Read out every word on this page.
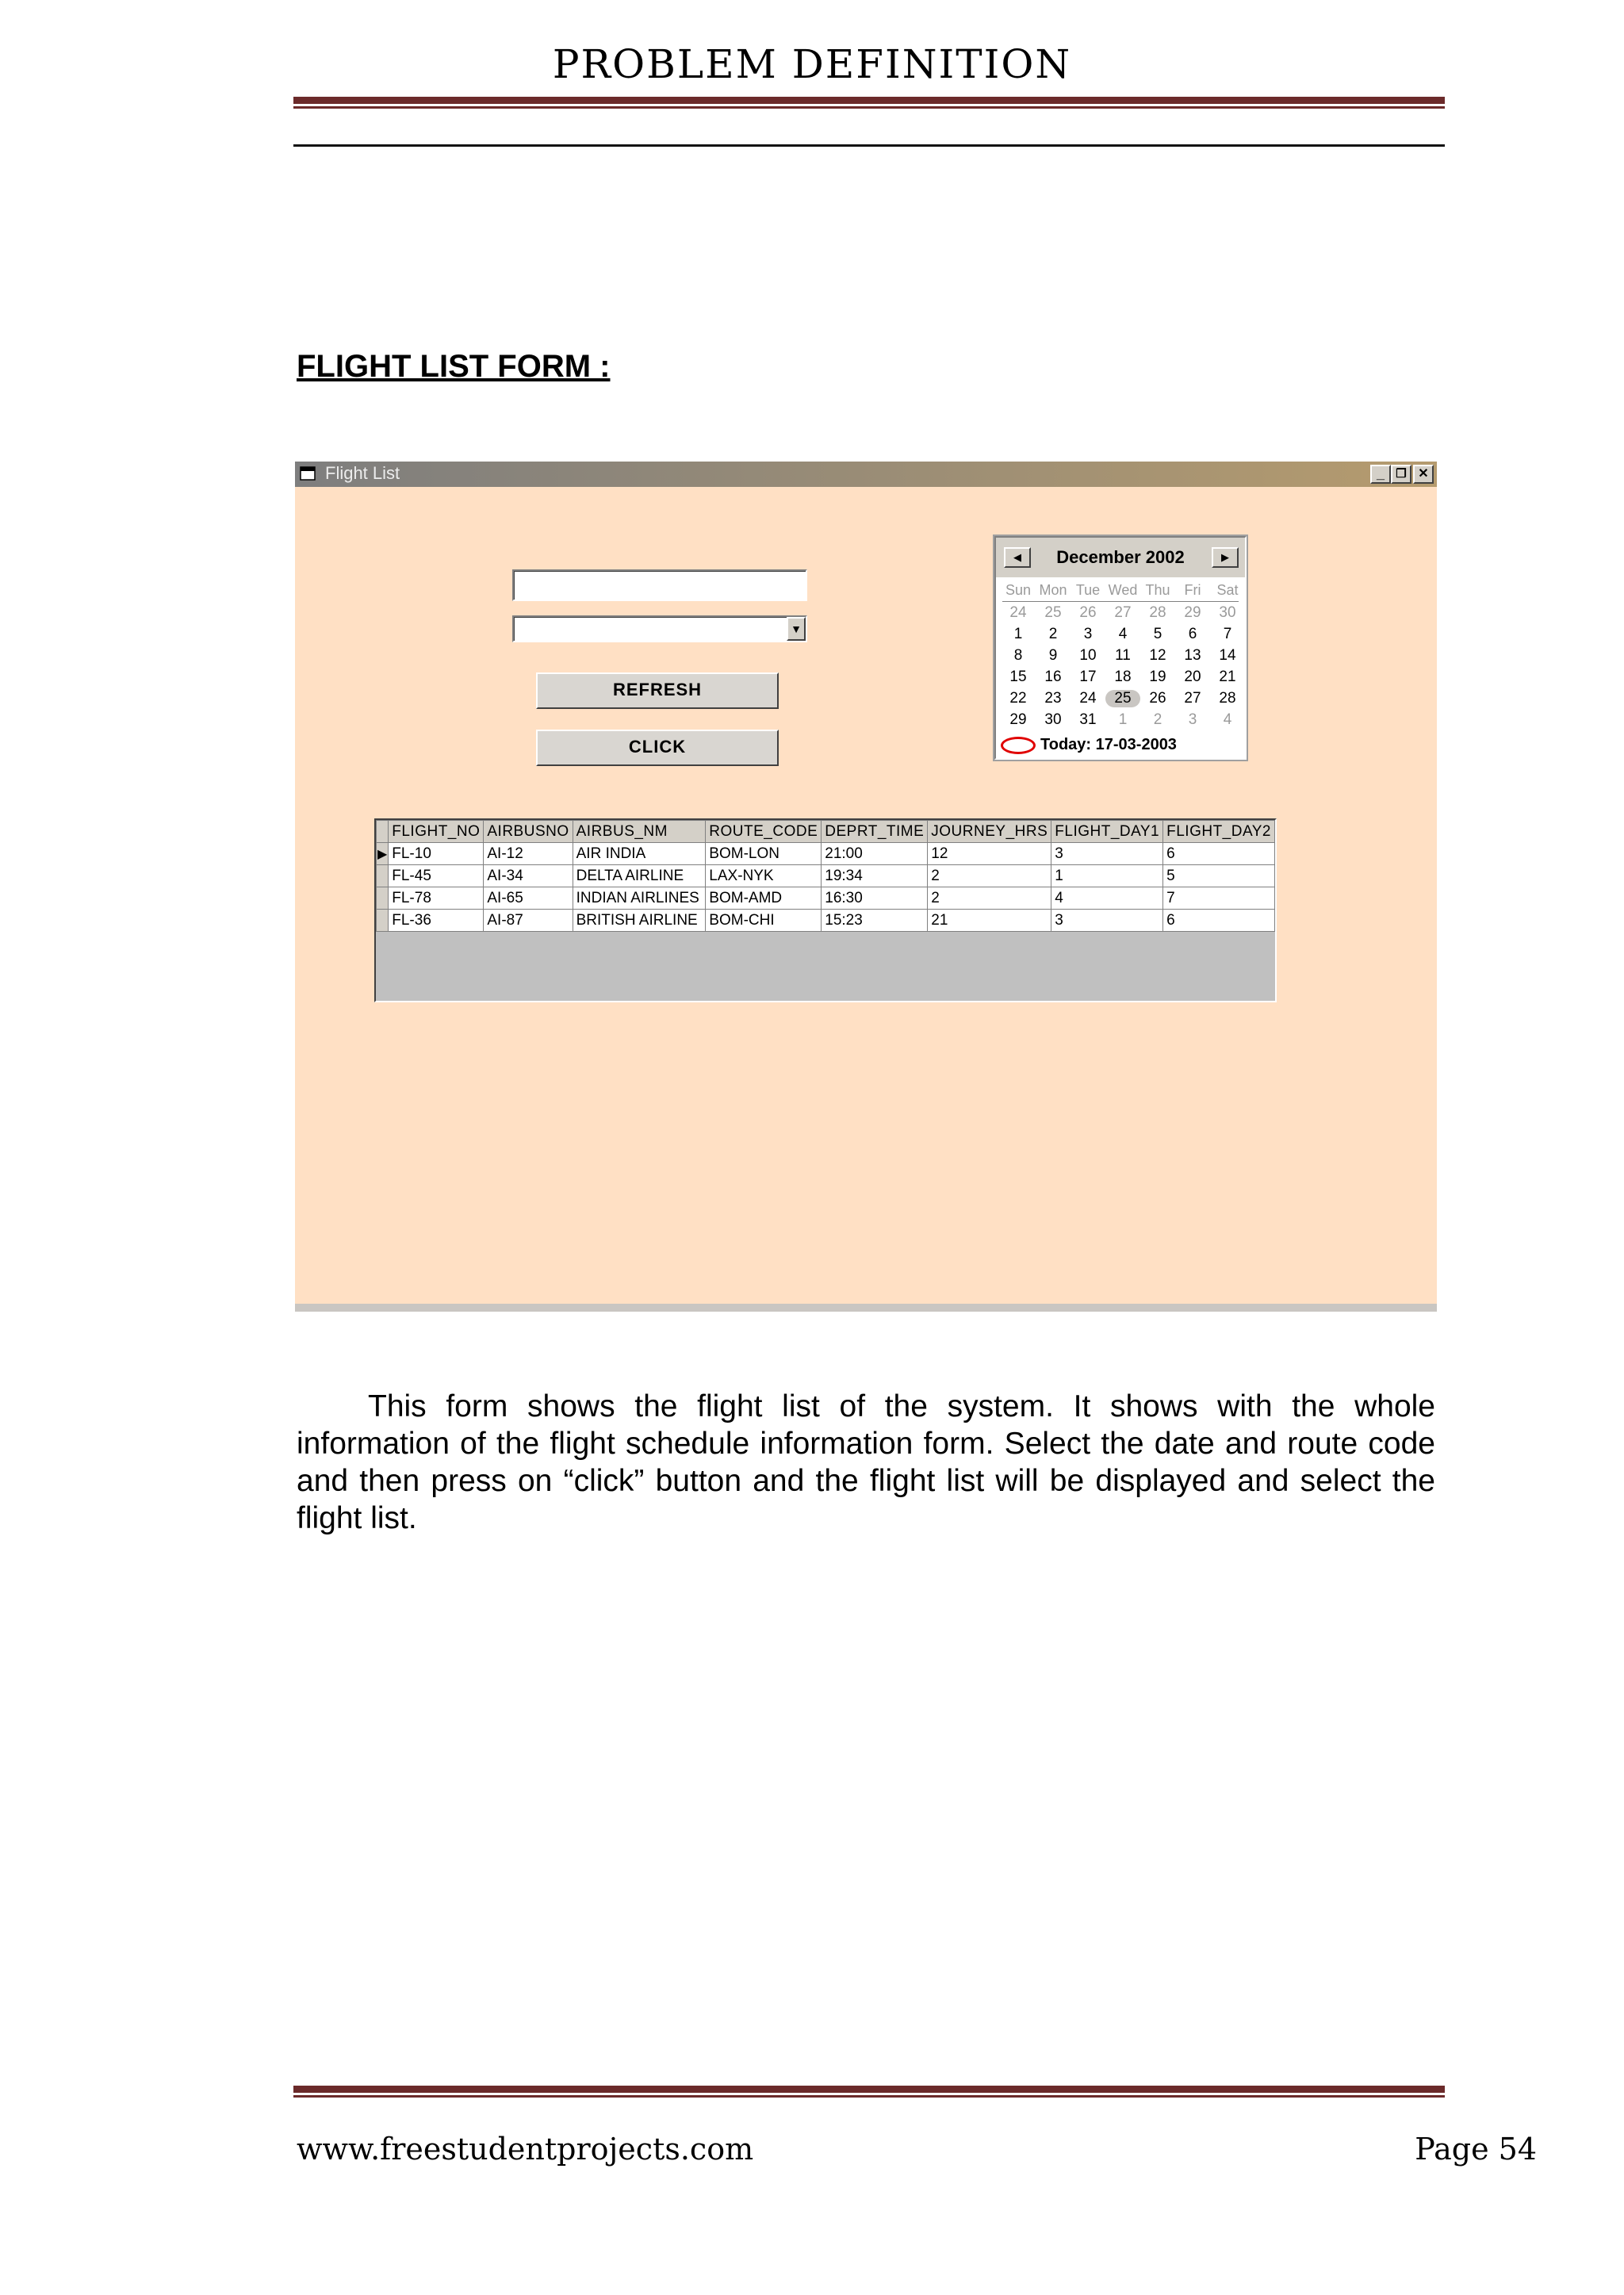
PROBLEM DEFINITION
FLIGHT LIST FORM :
Flight List	_ ❐ ✕
▼
REFRESH
CLICK
◀	December 2002	▶
Sun Mon Tue Wed Thu Fri	Sat
24	25	26	27	28	29	30
1	2	3	4	5	6	7
8	9	10	11	12	13	14
15	16	17	18	19	20	21
22	23	24	25	26	27	28
29	30	31	1	2	3	4
Today: 17-03-2003
	FLIGHT_NO	AIRBUSNO	AIRBUS_NM	ROUTE_CODE	DEPRT_TIME	JOURNEY_HRS	FLIGHT_DAY1	FLIGHT_DAY2
▶	FL-10	AI-12	AIR INDIA	BOM-LON	21:00	12	3	6
	FL-45	AI-34	DELTA AIRLINE	LAX-NYK	19:34	2	1	5
	FL-78	AI-65	INDIAN AIRLINES	BOM-AMD	16:30	2	4	7
	FL-36	AI-87	BRITISH AIRLINE	BOM-CHI	15:23	21	3	6
This form shows the flight list of the system. It shows with the whole information of the flight schedule information form. Select the date and route code and then press on “click” button and the flight list will be displayed and select the flight list.
www.freestudentprojects.com	Page 54
